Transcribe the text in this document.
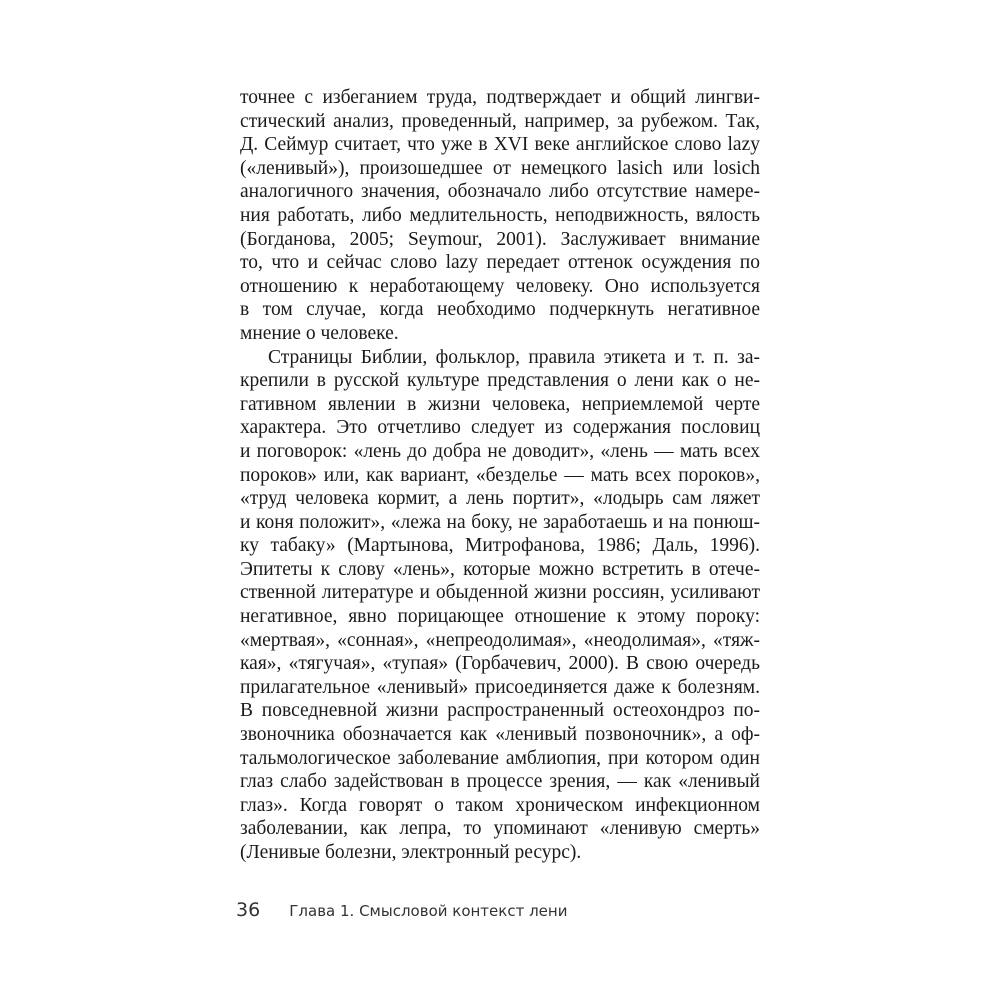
точнее с избеганием труда, подтверждает и общий лингви-
стический анализ, проведенный, например, за рубежом. Так,
Д. Сеймур считает, что уже в XVI веке английское слово lazy
(«ленивый»), произошедшее от немецкого lasich или losich
аналогичного значения, обозначало либо отсутствие намере-
ния работать, либо медлительность, неподвижность, вялость
(Богданова, 2005; Seymour, 2001). Заслуживает внимание
то, что и сейчас слово lazy передает оттенок осуждения по
отношению к неработающему человеку. Оно используется
в том случае, когда необходимо подчеркнуть негативное
мнение о человеке.
Страницы Библии, фольклор, правила этикета и т. п. за-
крепили в русской культуре представления о лени как о не-
гативном явлении в жизни человека, неприемлемой черте
характера. Это отчетливо следует из содержания пословиц
и поговорок: «лень до добра не доводит», «лень — мать всех
пороков» или, как вариант, «безделье — мать всех пороков»,
«труд человека кормит, а лень портит», «лодырь сам ляжет
и коня положит», «лежа на боку, не заработаешь и на понюш-
ку табаку» (Мартынова, Митрофанова, 1986; Даль, 1996).
Эпитеты к слову «лень», которые можно встретить в отече-
ственной литературе и обыденной жизни россиян, усиливают
негативное, явно порицающее отношение к этому пороку:
«мертвая», «сонная», «непреодолимая», «неодолимая», «тяж-
кая», «тягучая», «тупая» (Горбачевич, 2000). В свою очередь
прилагательное «ленивый» присоединяется даже к болезням.
В повседневной жизни распространенный остеохондроз по-
звоночника обозначается как «ленивый позвоночник», а оф-
тальмологическое заболевание амблиопия, при котором один
глаз слабо задействован в процессе зрения, — как «ленивый
глаз». Когда говорят о таком хроническом инфекционном
заболевании, как лепра, то упоминают «ленивую смерть»
(Ленивые болезни, электронный ресурс).
36 Глава 1. Смысловой контекст лени
